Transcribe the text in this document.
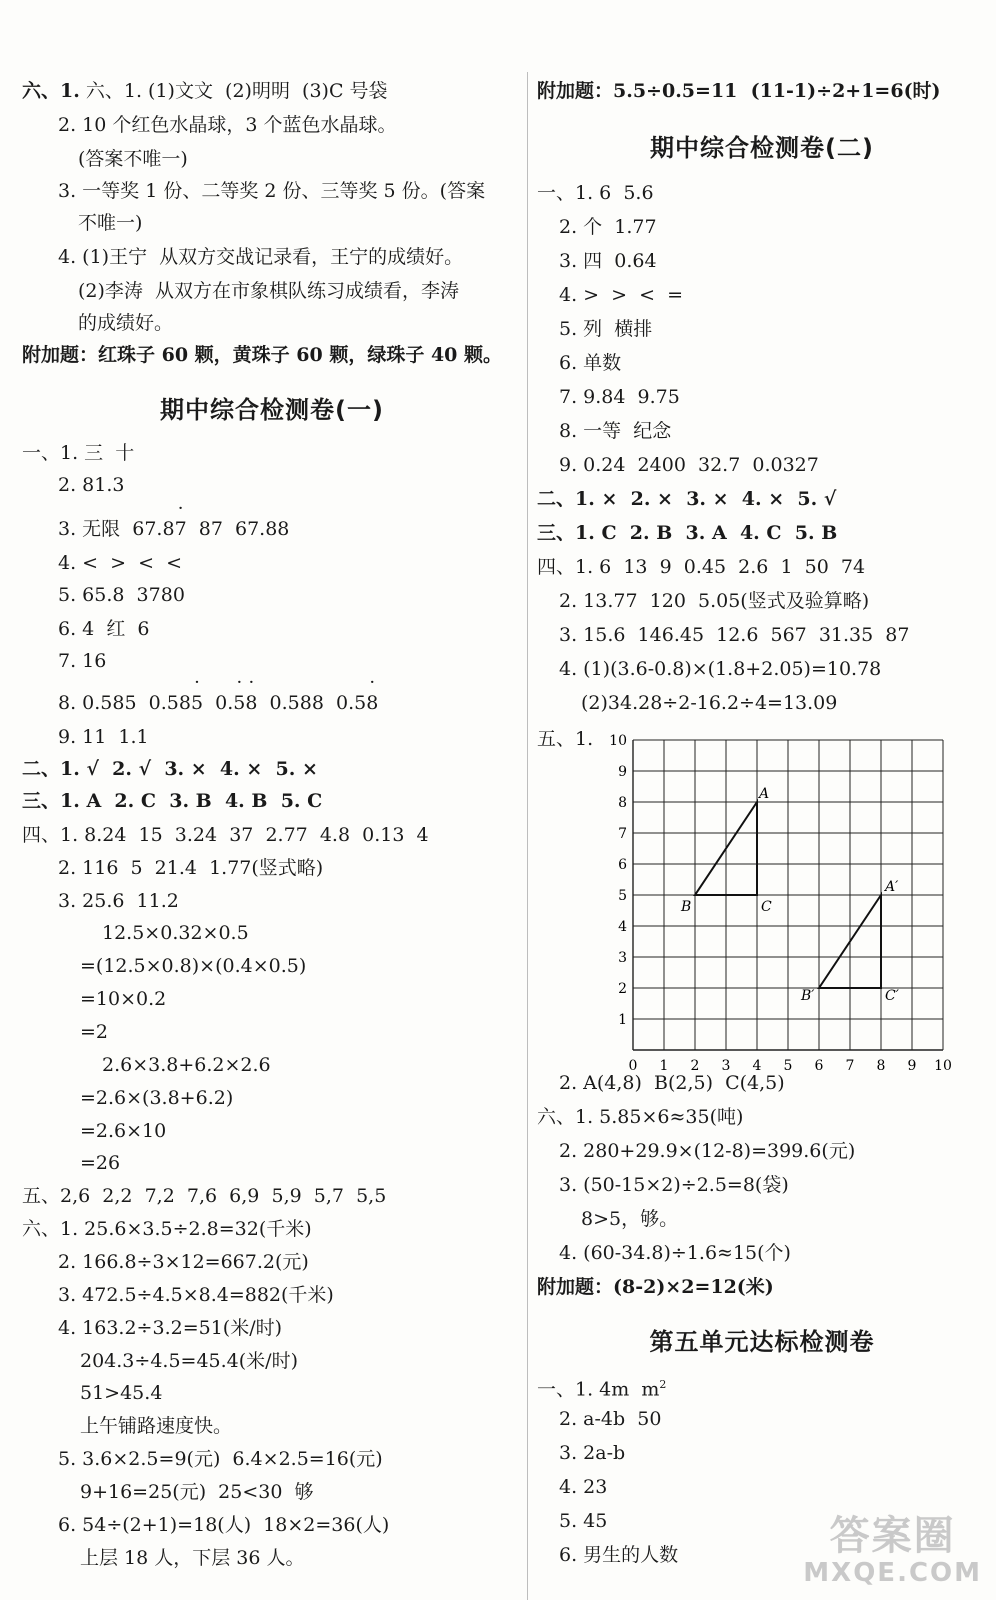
六、1. 六、1. (1)文文  (2)明明  (3)C 号袋
2. 10 个红色水晶球，3 个蓝色水晶球。
(答案不唯一)
3. 一等奖 1 份、二等奖 2 份、三等奖 5 份。(答案
不唯一)
4. (1)王宁  从双方交战记录看，王宁的成绩好。
(2)李涛  从双方在市象棋队练习成绩看，李涛
的成绩好。
附加题：红珠子 60 颗，黄珠子 60 颗，绿珠子 40 颗。
期中综合检测卷(一)
一、1. 三  十
2. 81.3
3. 无限  67.8· 7  87  67.88
4. <  >  <  <
5. 65.8  3780
6. 4  红  6
7. 16
8. 0.585  0.58· 5  0.· 5· 8  0.588  0.5· 8
9. 11  1.1
二、1. √  2. √  3. ×  4. ×  5. ×
三、1. A  2. C  3. B  4. B  5. C
四、1. 8.24  15  3.24  37  2.77  4.8  0.13  4
2. 116  5  21.4  1.77(竖式略)
3. 25.6  11.2
12.5×0.32×0.5
=(12.5×0.8)×(0.4×0.5)
=10×0.2
=2
2.6×3.8+6.2×2.6
=2.6×(3.8+6.2)
=2.6×10
=26
五、2,6  2,2  7,2  7,6  6,9  5,9  5,7  5,5
六、1. 25.6×3.5÷2.8=32(千米)
2. 166.8÷3×12=667.2(元)
3. 472.5÷4.5×8.4=882(千米)
4. 163.2÷3.2=51(米/时)
204.3÷4.5=45.4(米/时)
51>45.4
上午铺路速度快。
5. 3.6×2.5=9(元)  6.4×2.5=16(元)
9+16=25(元)  25<30  够
6. 54÷(2+1)=18(人)  18×2=36(人)
上层 18 人，下层 36 人。
附加题：5.5÷0.5=11  (11-1)÷2+1=6(时)
期中综合检测卷(二)
一、1. 6  5.6
2. 个  1.77
3. 四  0.64
4. >  >  <  =
5. 列  横排
6. 单数
7. 9.84  9.75
8. 一等  纪念
9. 0.24  2400  32.7  0.0327
二、1. ×  2. ×  3. ×  4. ×  5. √
三、1. C  2. B  3. A  4. C  5. B
四、1. 6  13  9  0.45  2.6  1  50  74
2. 13.77  120  5.05(竖式及验算略)
3. 15.6  146.45  12.6  567  31.35  87
4. (1)(3.6-0.8)×(1.8+2.05)=10.78
(2)34.28÷2-16.2÷4=13.09
五、1.
0 1 2 3 4 5 6 7 8 9 10
10
9
8
7
6
5
4
3
2
1
A
B	C
A′
B′	C′
2. A(4,8)  B(2,5)  C(4,5)
六、1. 5.85×6≈35(吨)
2. 280+29.9×(12-8)=399.6(元)
3. (50-15×2)÷2.5=8(袋)
8>5，够。
4. (60-34.8)÷1.6≈15(个)
附加题：(8-2)×2=12(米)
第五单元达标检测卷
一、1. 4m  $m^2$
2. a-4b  50
3. 2a-b
4. 23
5. 45
6. 男生的人数	答案圈
MXQE.COM
